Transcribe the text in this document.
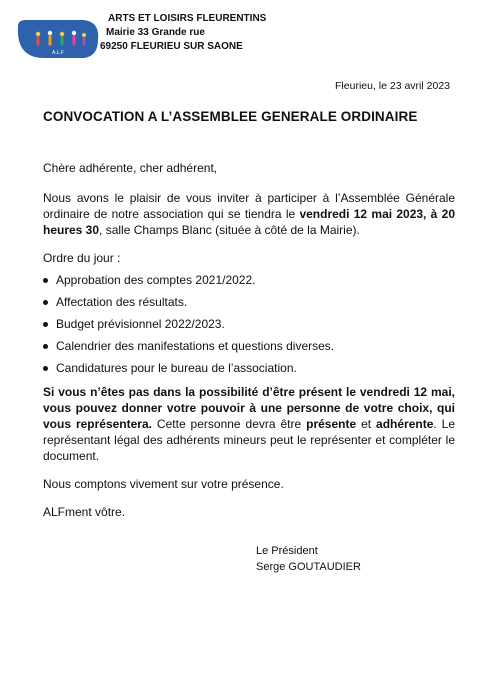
A.L.F
ARTS ET LOISIRS FLEURENTINS
Mairie 33 Grande rue
69250 FLEURIEU SUR SAONE
Fleurieu, le 23 avril 2023
CONVOCATION A L’ASSEMBLEE GENERALE ORDINAIRE

Chère adhérente, cher adhérent,

Nous avons le plaisir de vous inviter à participer à l’Assemblée Générale ordinaire de notre association qui se tiendra le vendredi 12 mai 2023, à 20 heures 30, salle Champs Blanc (située à côté de la Mairie).

Ordre du jour :

Approbation des comptes 2021/2022.
Affectation des résultats.
Budget prévisionnel 2022/2023.
Calendrier des manifestations et questions diverses.
Candidatures pour le bureau de l’association.

Si vous n’êtes pas dans la possibilité d’être présent le vendredi 12 mai, vous pouvez donner votre pouvoir à une personne de votre choix, qui vous représentera. Cette personne devra être présente et adhérente. Le représentant légal des adhérents mineurs peut le représenter et compléter le document.

Nous comptons vivement sur votre présence.

ALFment vôtre.

Le Président
Serge GOUTAUDIER
